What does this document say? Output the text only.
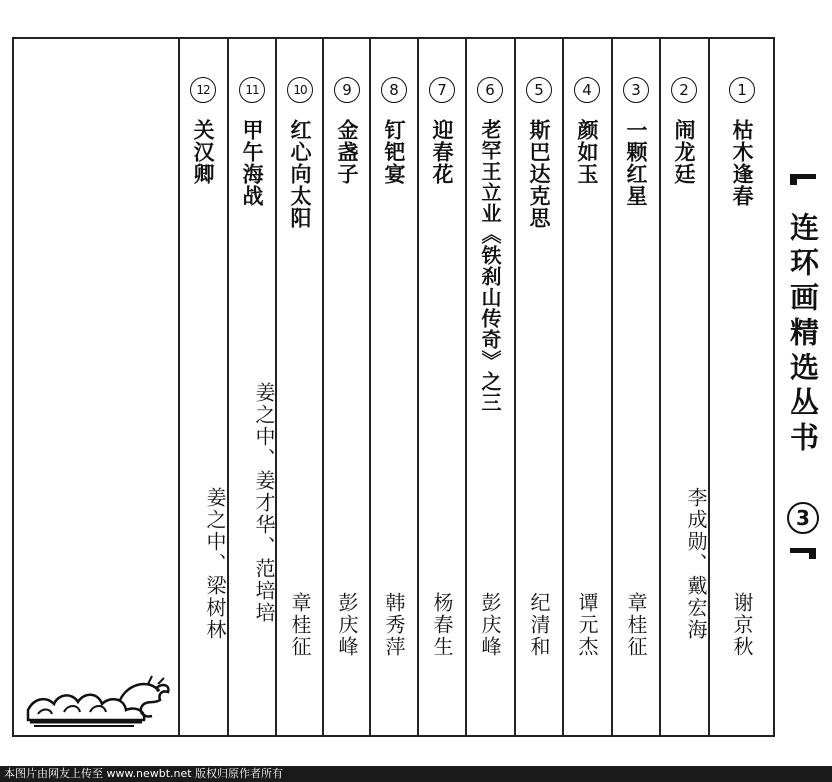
1
枯木逢春
谢京秋
2
闹龙廷
李成勋、戴宏海
3
一颗红星
章桂征
4
颜如玉
谭元杰
5
斯巴达克思
纪清和
6
老罕王立业《铁刹山传奇》之三
彭庆峰
7
迎春花
杨春生
8
钉钯宴
韩秀萍
9
金盏子
彭庆峰
10
红心向太阳
章桂征
11
甲午海战
姜之中、姜才华、范培培
12
关汉卿
姜之中、梁树林
连环画精选丛书
3
本图片由网友上传至 www.newbt.net 版权归原作者所有
